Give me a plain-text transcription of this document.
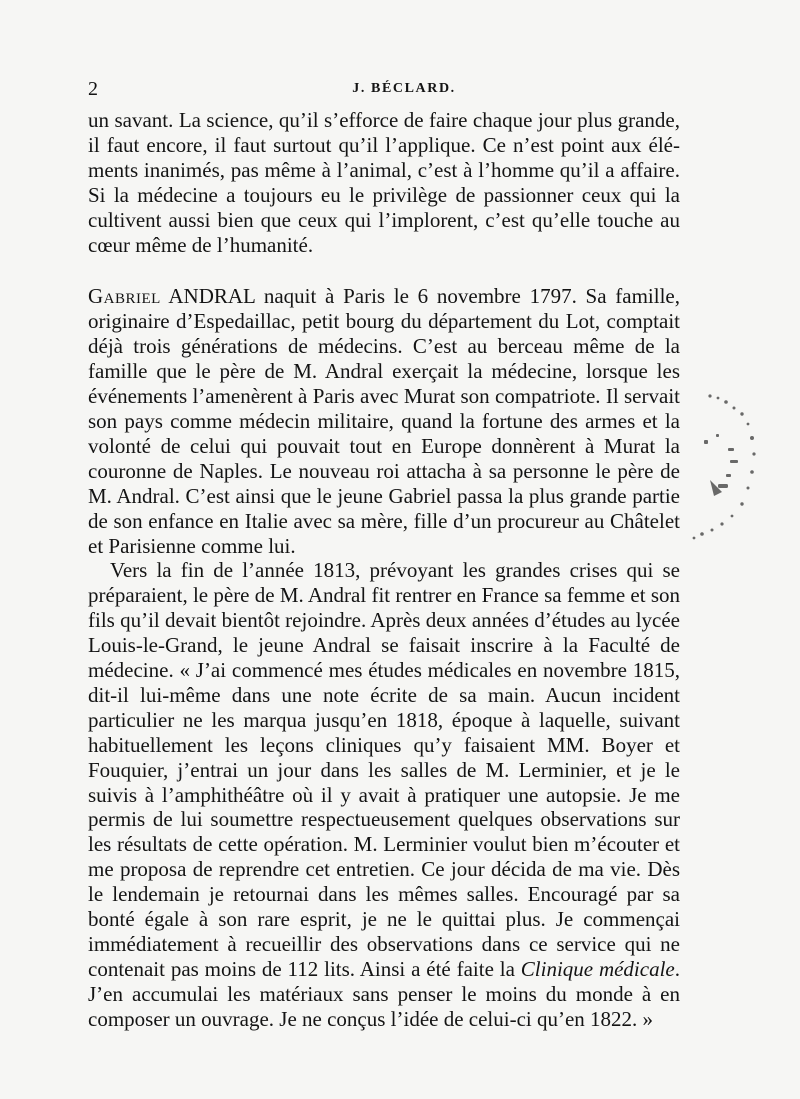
2	J. BÉCLARD.

un savant. La science, qu’il s’efforce de faire chaque jour plus grande, il faut encore, il faut surtout qu’il l’applique. Ce n’est point aux éléments inanimés, pas même à l’animal, c’est à l’homme qu’il a affaire. Si la médecine a toujours eu le privilège de passionner ceux qui la cultivent aussi bien que ceux qui l’implorent, c’est qu’elle touche au cœur même de l’humanité.

Gabriel ANDRAL naquit à Paris le 6 novembre 1797. Sa famille, originaire d’Espedaillac, petit bourg du département du Lot, comptait déjà trois générations de médecins. C’est au berceau même de la famille que le père de M. Andral exerçait la médecine, lorsque les événements l’amenèrent à Paris avec Murat son compatriote. Il servait son pays comme médecin militaire, quand la fortune des armes et la volonté de celui qui pouvait tout en Europe donnèrent à Murat la couronne de Naples. Le nouveau roi attacha à sa personne le père de M. Andral. C’est ainsi que le jeune Gabriel passa la plus grande partie de son enfance en Italie avec sa mère, fille d’un procureur au Châtelet et Parisienne comme lui.

Vers la fin de l’année 1813, prévoyant les grandes crises qui se préparaient, le père de M. Andral fit rentrer en France sa femme et son fils qu’il devait bientôt rejoindre. Après deux années d’études au lycée Louis-le-Grand, le jeune Andral se faisait inscrire à la Faculté de médecine. « J’ai commencé mes études médicales en novembre 1815, dit-il lui-même dans une note écrite de sa main. Aucun incident particulier ne les marqua jusqu’en 1818, époque à laquelle, suivant habituellement les leçons cliniques qu’y faisaient MM. Boyer et Fouquier, j’entrai un jour dans les salles de M. Lerminier, et je le suivis à l’amphithéâtre où il y avait à pratiquer une autopsie. Je me permis de lui soumettre respectueusement quelques observations sur les résultats de cette opération. M. Lerminier voulut bien m’écouter et me proposa de reprendre cet entretien. Ce jour décida de ma vie. Dès le lendemain je retournai dans les mêmes salles. Encouragé par sa bonté égale à son rare esprit, je ne le quittai plus. Je commençai immédiatement à recueillir des observations dans ce service qui ne contenait pas moins de 112 lits. Ainsi a été faite la Clinique médicale. J’en accumulai les matériaux sans penser le moins du monde à en composer un ouvrage. Je ne conçus l’idée de celui-ci qu’en 1822. »
